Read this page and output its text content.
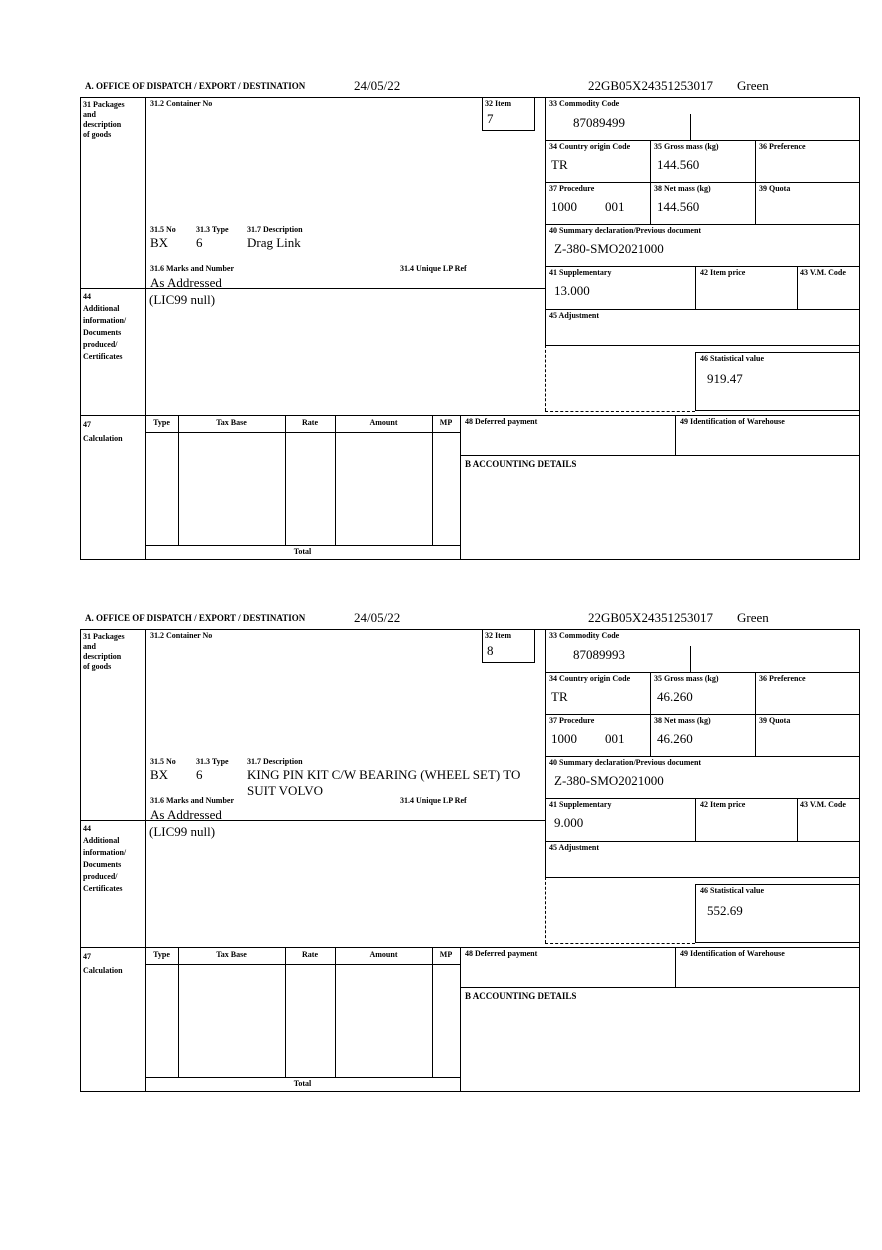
A. OFFICE OF DISPATCH / EXPORT / DESTINATION	24/05/22	22GB05X24351253017 Green
31 Packages
and
description
of goods
31.2 Container No	32 Item
7
33 Commodity Code
87089499
34 Country origin Code
TR
35 Gross mass (kg)
144.560
36 Preference
37 Procedure
1000 001
38 Net mass (kg)
144.560
39 Quota
40 Summary declaration/Previous document
Z-380-SMO2021000
41 Supplementary
13.000
42 Item price	43 V.M. Code
45 Adjustment
46 Statistical value
919.47
31.5 No	31.3 Type 31.7 Description
BX 6	Drag Link
31.6 Marks and Number	31.4 Unique LP Ref
As Addressed
44
Additional
information/
Documents
produced/
Certificates
(LIC99 null)
47
Calculation
Type	Tax Base	Rate	Amount	MP
Total
48 Deferred payment	49 Identification of Warehouse
B ACCOUNTING DETAILS
A. OFFICE OF DISPATCH / EXPORT / DESTINATION	24/05/22	22GB05X24351253017 Green
31 Packages
and
description
of goods
31.2 Container No	32 Item
8
33 Commodity Code
87089993
34 Country origin Code
TR
35 Gross mass (kg)
46.260
36 Preference
37 Procedure
1000 001
38 Net mass (kg)
46.260
39 Quota
40 Summary declaration/Previous document
Z-380-SMO2021000
41 Supplementary
9.000
42 Item price	43 V.M. Code
45 Adjustment
46 Statistical value
552.69
31.5 No	31.3 Type 31.7 Description
BX 6	KING PIN KIT C/W BEARING (WHEEL SET) TO SUIT VOLVO
31.6 Marks and Number	31.4 Unique LP Ref
As Addressed
44
Additional
information/
Documents
produced/
Certificates
(LIC99 null)
47
Calculation
Type	Tax Base	Rate	Amount	MP
Total
48 Deferred payment	49 Identification of Warehouse
B ACCOUNTING DETAILS
